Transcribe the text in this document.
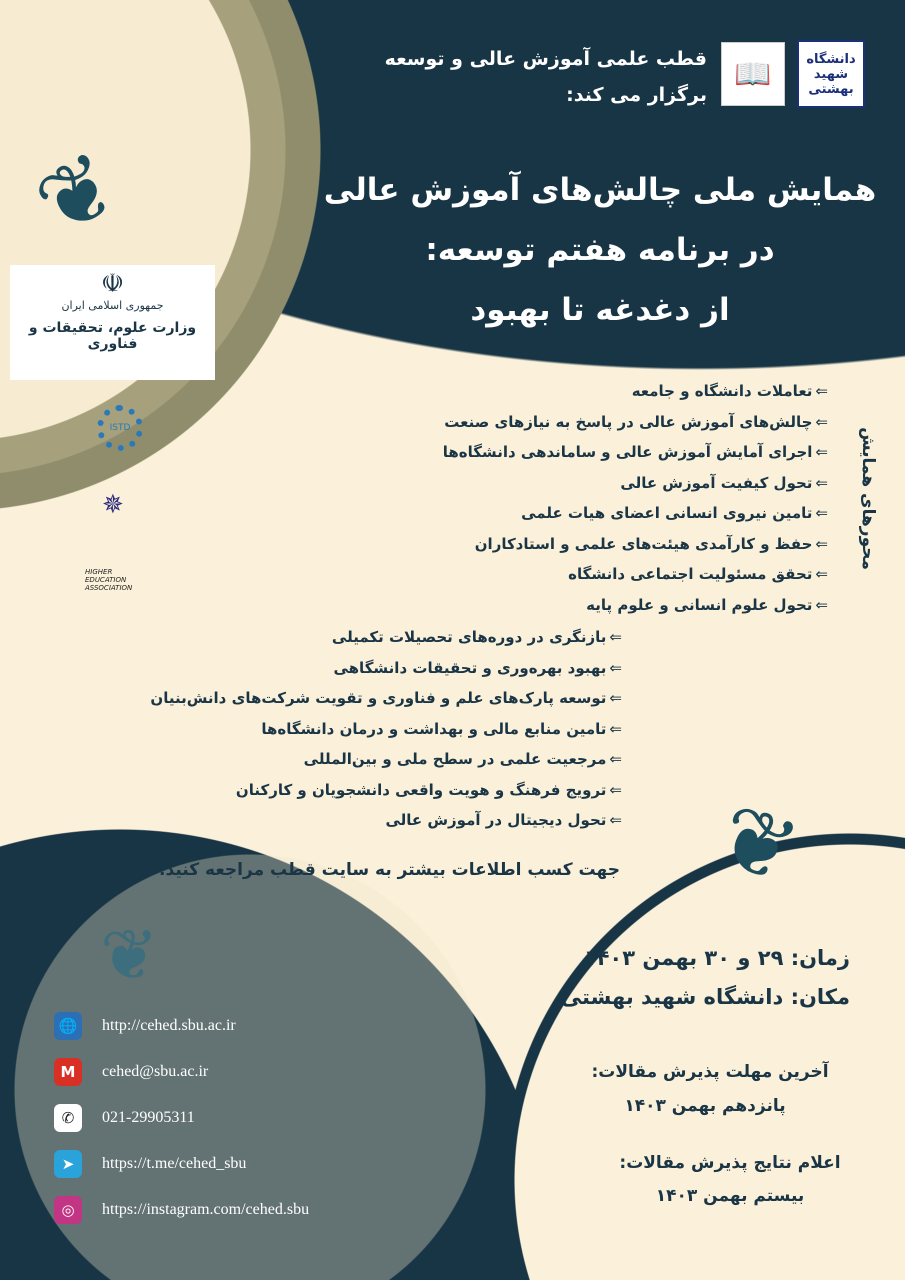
دانشگاه شهید بهشتی
📖
قطب علمی آموزش عالی و توسعه
برگزار می کند:
همایش ملی چالش‌های آموزش عالی
در برنامه هفتم توسعه:
از دغدغه تا بهبود
❦
❦
❦
☫
جمهوری اسلامی ایران
وزارت علوم، تحقیقات و فناوری
ISTD
✵
HIGHER EDUCATION ASSOCIATION
محورهای همایش
⇐تعاملات دانشگاه و جامعه
⇐چالش‌های آموزش عالی در پاسخ به نیازهای صنعت
⇐اجرای آمایش آموزش عالی و ساماندهی دانشگاه‌ها
⇐تحول کیفیت آموزش عالی
⇐تامین نیروی انسانی اعضای هیات علمی
⇐حفظ و کارآمدی هیئت‌های علمی و استادکاران
⇐تحقق مسئولیت اجتماعی دانشگاه
⇐تحول علوم انسانی و علوم پایه
⇐بازنگری در دوره‌های تحصیلات تکمیلی
⇐بهبود بهره‌وری و تحقیقات دانشگاهی
⇐توسعه پارک‌های علم و فناوری و تقویت شرکت‌های دانش‌بنیان
⇐تامین منابع مالی و بهداشت و درمان دانشگاه‌ها
⇐مرجعیت علمی در سطح ملی و بین‌المللی
⇐ترویج فرهنگ و هویت واقعی دانشجویان و کارکنان
⇐تحول دیجیتال در آموزش عالی
جهت کسب اطلاعات بیشتر به سایت قطب مراجعه کنید.
زمان: ۲۹ و ۳۰ بهمن ۱۴۰۳
مکان: دانشگاه شهید بهشتی
آخرین مهلت پذیرش مقالات:
پانزدهم بهمن ۱۴۰۳
اعلام نتایج پذیرش مقالات:
بیستم بهمن ۱۴۰۳
🌐 http://cehed.sbu.ac.ir
M	cehed@sbu.ac.ir
✆	021-29905311
➤	https://t.me/cehed_sbu
◎	https://instagram.com/cehed.sbu
